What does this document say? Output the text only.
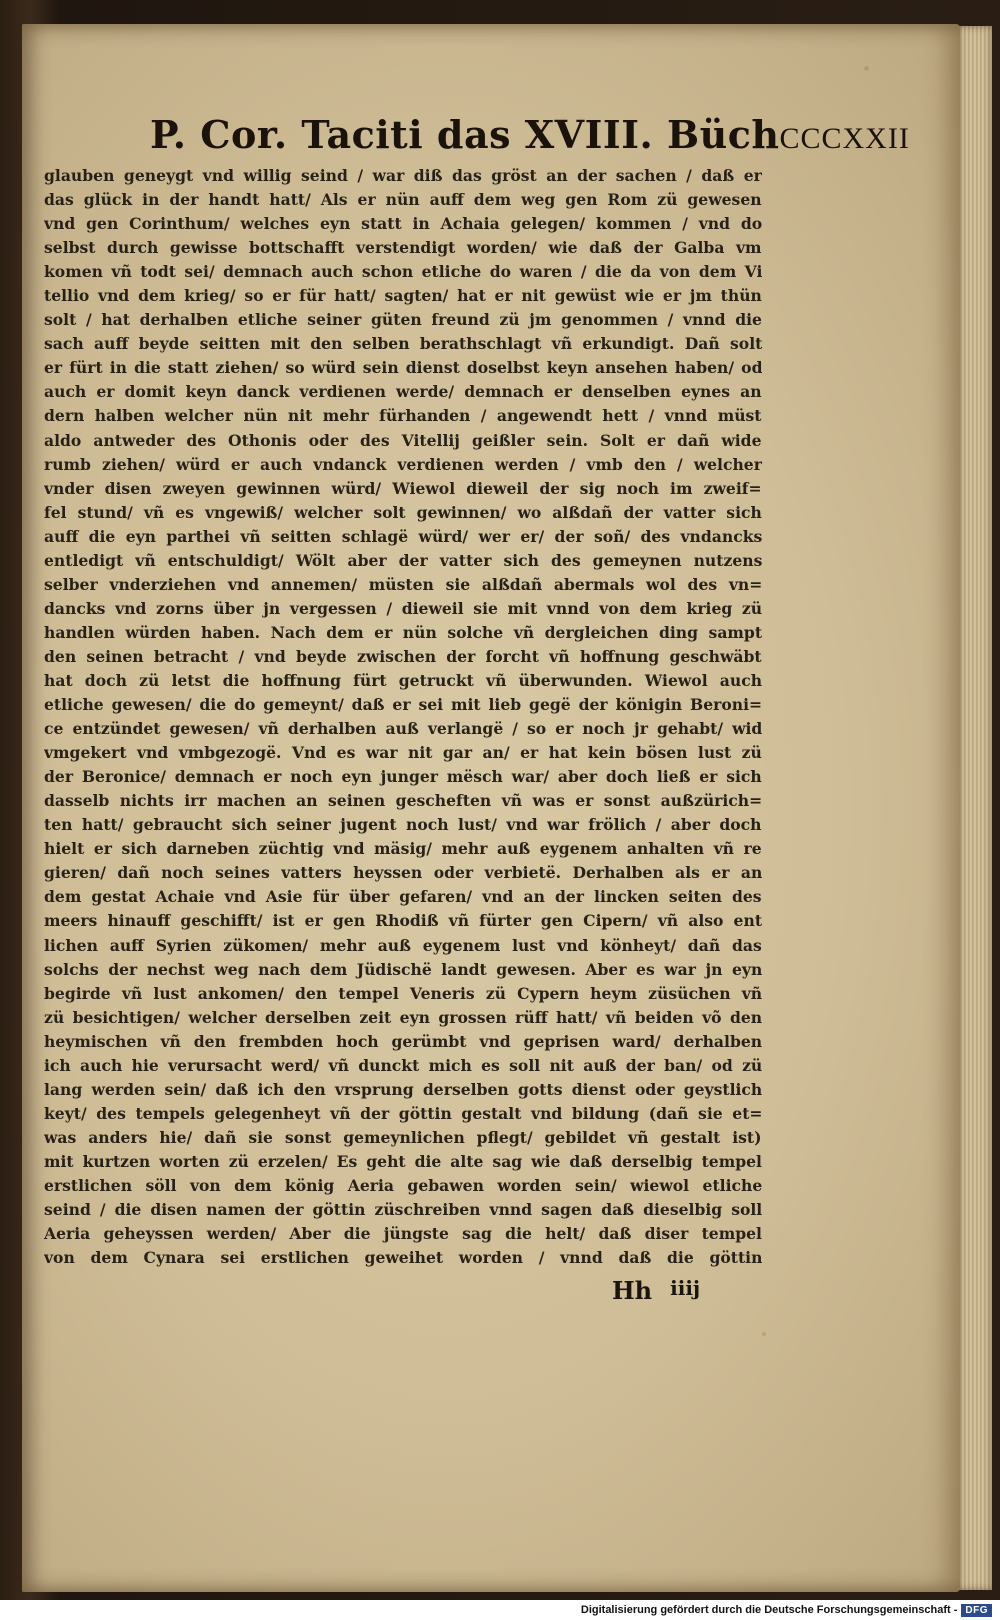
P. Cor. Taciti das XVIII. Büch CCCXXII
glauben geneygt vnd willig seind / war diß das gröst an der sachen / daß er
das glück in der handt hatt/ Als er nün auff dem weg gen Rom zü gewesen
vnd gen Corinthum/ welches eyn statt in Achaia gelegen/ kommen / vnd do
selbst durch gewisse bottschafft verstendigt worden/ wie daß der Galba vm
komen vñ todt sei/ demnach auch schon etliche do waren / die da von dem Vi
tellio vnd dem krieg/ so er für hatt/ sagten/ hat er nit gewüst wie er jm thün
solt / hat derhalben etliche seiner güten freund zü jm genommen / vnnd die
sach auff beyde seitten mit den selben berathschlagt vñ erkundigt. Dañ solt
er fürt in die statt ziehen/ so würd sein dienst doselbst keyn ansehen haben/ od
auch er domit keyn danck verdienen werde/ demnach er denselben eynes an
dern halben welcher nün nit mehr fürhanden / angewendt hett / vnnd müst
aldo antweder des Othonis oder des Vitellij geißler sein. Solt er dañ wide
rumb ziehen/ würd er auch vndanck verdienen werden / vmb den / welcher
vnder disen zweyen gewinnen würd/ Wiewol dieweil der sig noch im zweif=
fel stund/ vñ es vngewiß/ welcher solt gewinnen/ wo alßdañ der vatter sich
auff die eyn parthei vñ seitten schlagë würd/ wer er/ der soñ/ des vndancks
entledigt vñ entschuldigt/ Wölt aber der vatter sich des gemeynen nutzens
selber vnderziehen vnd annemen/ müsten sie alßdañ abermals wol des vn=
dancks vnd zorns über jn vergessen / dieweil sie mit vnnd von dem krieg zü
handlen würden haben. Nach dem er nün solche vñ dergleichen ding sampt
den seinen betracht / vnd beyde zwischen der forcht vñ hoffnung geschwäbt
hat doch zü letst die hoffnung fürt getruckt vñ überwunden. Wiewol auch
etliche gewesen/ die do gemeynt/ daß er sei mit lieb gegë der königin Beroni=
ce entzündet gewesen/ vñ derhalben auß verlangë / so er noch jr gehabt/ wid
vmgekert vnd vmbgezogë. Vnd es war nit gar an/ er hat kein bösen lust zü
der Beronice/ demnach er noch eyn junger mësch war/ aber doch ließ er sich
dasselb nichts irr machen an seinen gescheften vñ was er sonst außzürich=
ten hatt/ gebraucht sich seiner jugent noch lust/ vnd war frölich / aber doch
hielt er sich darneben züchtig vnd mäsig/ mehr auß eygenem anhalten vñ re
gieren/ dañ noch seines vatters heyssen oder verbietë. Derhalben als er an
dem gestat Achaie vnd Asie für über gefaren/ vnd an der lincken seiten des
meers hinauff geschifft/ ist er gen Rhodiß vñ fürter gen Cipern/ vñ also ent
lichen auff Syrien zükomen/ mehr auß eygenem lust vnd könheyt/ dañ das
solchs der nechst weg nach dem Jüdischë landt gewesen. Aber es war jn eyn
begirde vñ lust ankomen/ den tempel Veneris zü Cypern heym züsüchen vñ
zü besichtigen/ welcher derselben zeit eyn grossen rüff hatt/ vñ beiden võ den
heymischen vñ den frembden hoch gerümbt vnd geprisen ward/ derhalben
ich auch hie verursacht werd/ vñ dunckt mich es soll nit auß der ban/ od zü
lang werden sein/ daß ich den vrsprung derselben gotts dienst oder geystlich
keyt/ des tempels gelegenheyt vñ der göttin gestalt vnd bildung (dañ sie et=
was anders hie/ dañ sie sonst gemeynlichen pflegt/ gebildet vñ gestalt ist)
mit kurtzen worten zü erzelen/ Es geht die alte sag wie daß derselbig tempel
erstlichen söll von dem könig Aeria gebawen worden sein/ wiewol etliche
seind / die disen namen der göttin züschreiben vnnd sagen daß dieselbig soll
Aeria geheyssen werden/ Aber die jüngste sag die helt/ daß diser tempel
von dem Cynara sei erstlichen geweihet worden / vnnd daß die göttin
Hh iiij
Digitalisierung gefördert durch die Deutsche Forschungsgemeinschaft - DFG
